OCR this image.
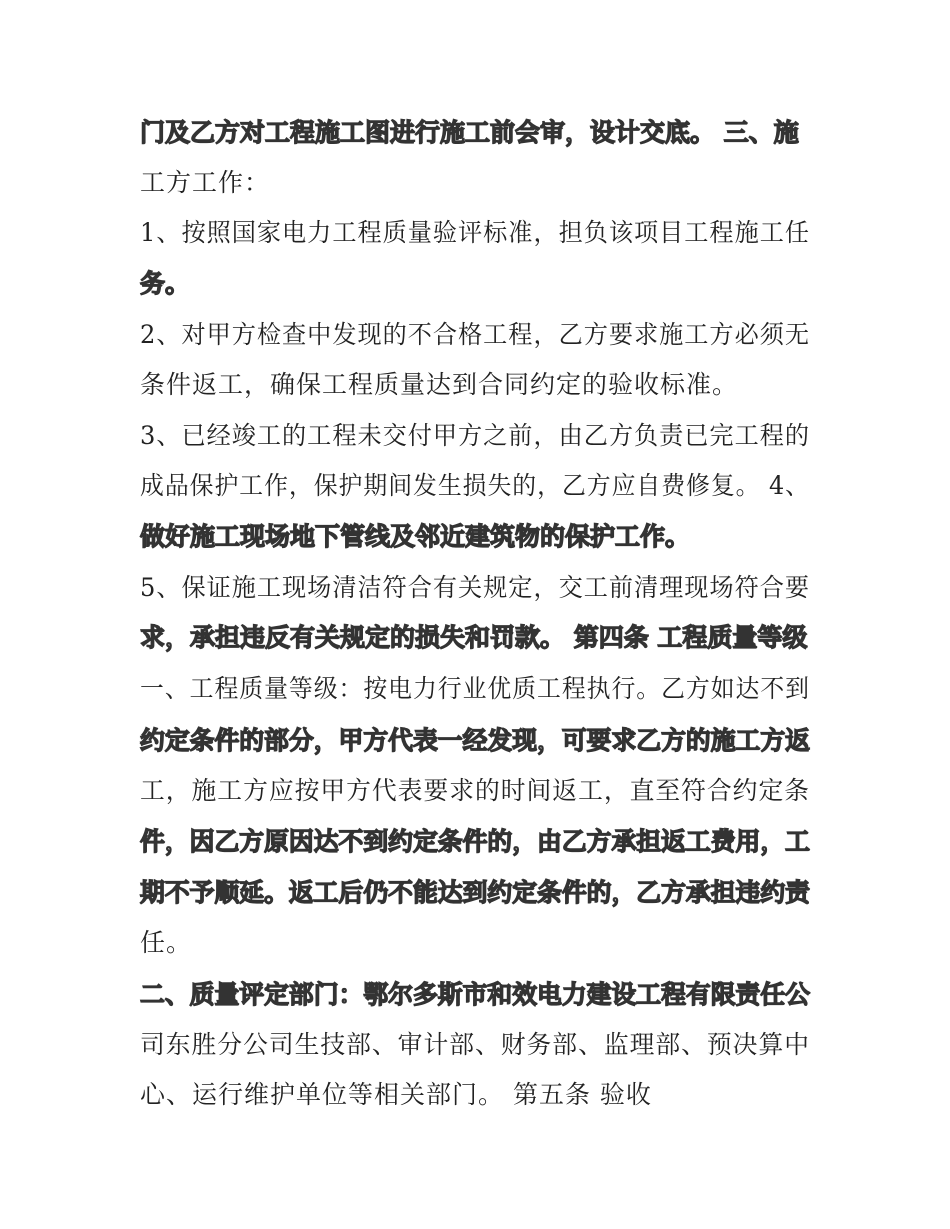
门及乙方对工程施工图进行施工前会审，设计交底。 三、施
工方工作：
1、按照国家电力工程质量验评标准，担负该项目工程施工任
务。
2、对甲方检查中发现的不合格工程，乙方要求施工方必须无
条件返工，确保工程质量达到合同约定的验收标准。
3、已经竣工的工程未交付甲方之前，由乙方负责已完工程的
成品保护工作，保护期间发生损失的，乙方应自费修复。 4、
做好施工现场地下管线及邻近建筑物的保护工作。
5、保证施工现场清洁符合有关规定，交工前清理现场符合要
求，承担违反有关规定的损失和罚款。 第四条 工程质量等级
一、工程质量等级：按电力行业优质工程执行。乙方如达不到
约定条件的部分，甲方代表一经发现，可要求乙方的施工方返
工，施工方应按甲方代表要求的时间返工，直至符合约定条
件，因乙方原因达不到约定条件的，由乙方承担返工费用，工
期不予顺延。返工后仍不能达到约定条件的，乙方承担违约责
任。
二、质量评定部门：鄂尔多斯市和效电力建设工程有限责任公
司东胜分公司生技部、审计部、财务部、监理部、预决算中
心、运行维护单位等相关部门。 第五条 验收
